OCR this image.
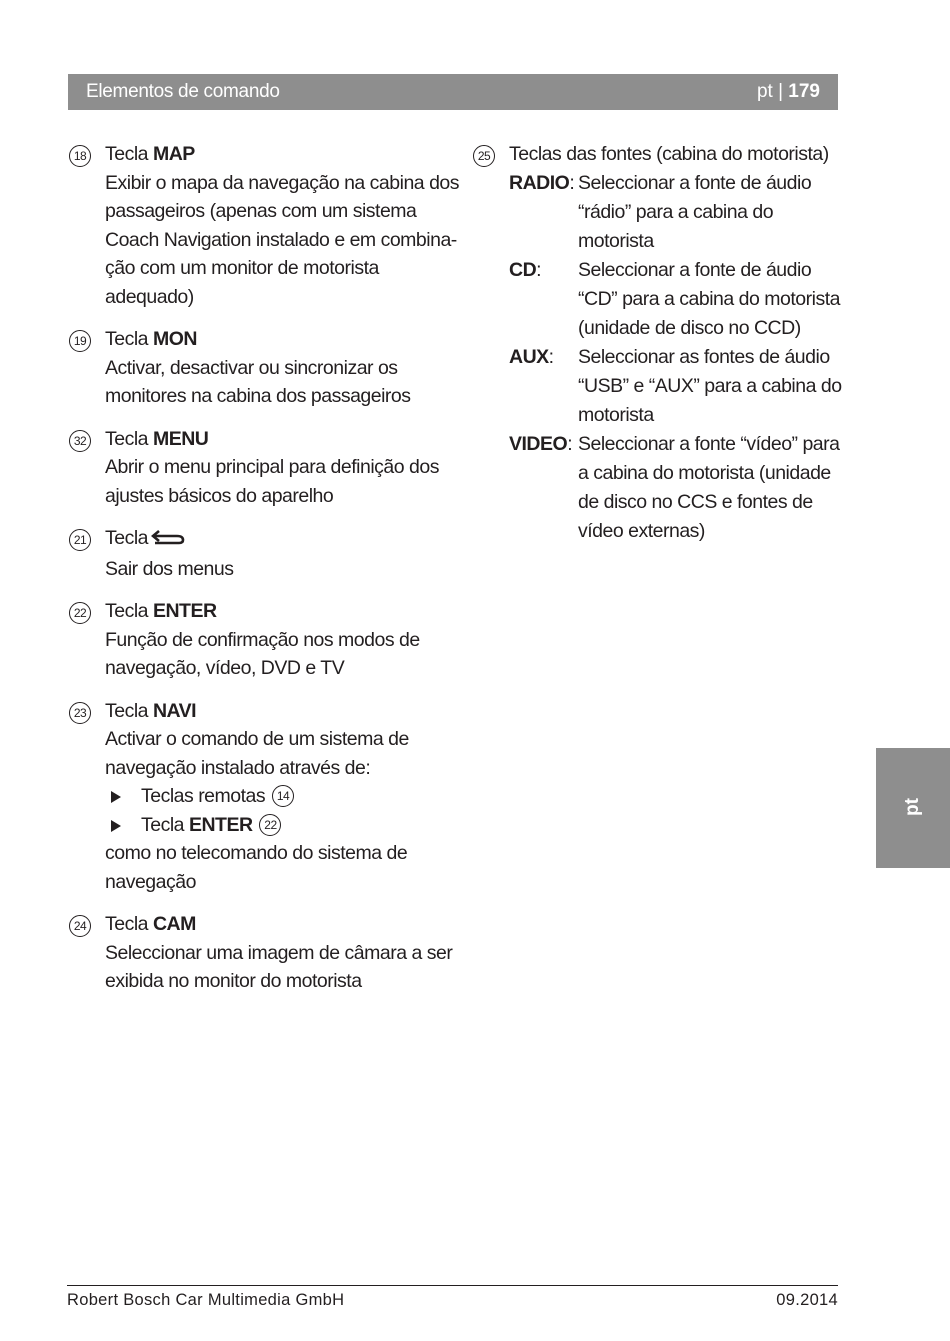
Elementos de comando	pt | 179
18 Tecla MAP
Exibir o mapa da navegação na cabina dos
passageiros (apenas com um sistema
Coach Navigation instalado e em combina-
ção com um monitor de motorista
adequado)
19 Tecla MON
Activar, desactivar ou sincronizar os
monitores na cabina dos passageiros
32 Tecla MENU
Abrir o menu principal para definição dos
ajustes básicos do aparelho
21 Tecla
Sair dos menus
22 Tecla ENTER
Função de confirmação nos modos de
navegação, vídeo, DVD e TV
23 Tecla NAVI
Activar o comando de um sistema de
navegação instalado através de:
Teclas remotas 14
Tecla ENTER 22
como no telecomando do sistema de
navegação
24 Tecla CAM
Seleccionar uma imagem de câmara a ser
exibida no monitor do motorista
25 Teclas das fontes (cabina do motorista)
RADIO: Seleccionar a fonte de áudio
“rádio” para a cabina do
motorista
CD:	Seleccionar a fonte de áudio
“CD” para a cabina do motorista
(unidade de disco no CCD)
AUX:	Seleccionar as fontes de áudio
“USB” e “AUX” para a cabina do
motorista
VIDEO: Seleccionar a fonte “vídeo” para
a cabina do motorista (unidade
de disco no CCS e fontes de
vídeo externas)
pt
Robert Bosch Car Multimedia GmbH	09.2014
